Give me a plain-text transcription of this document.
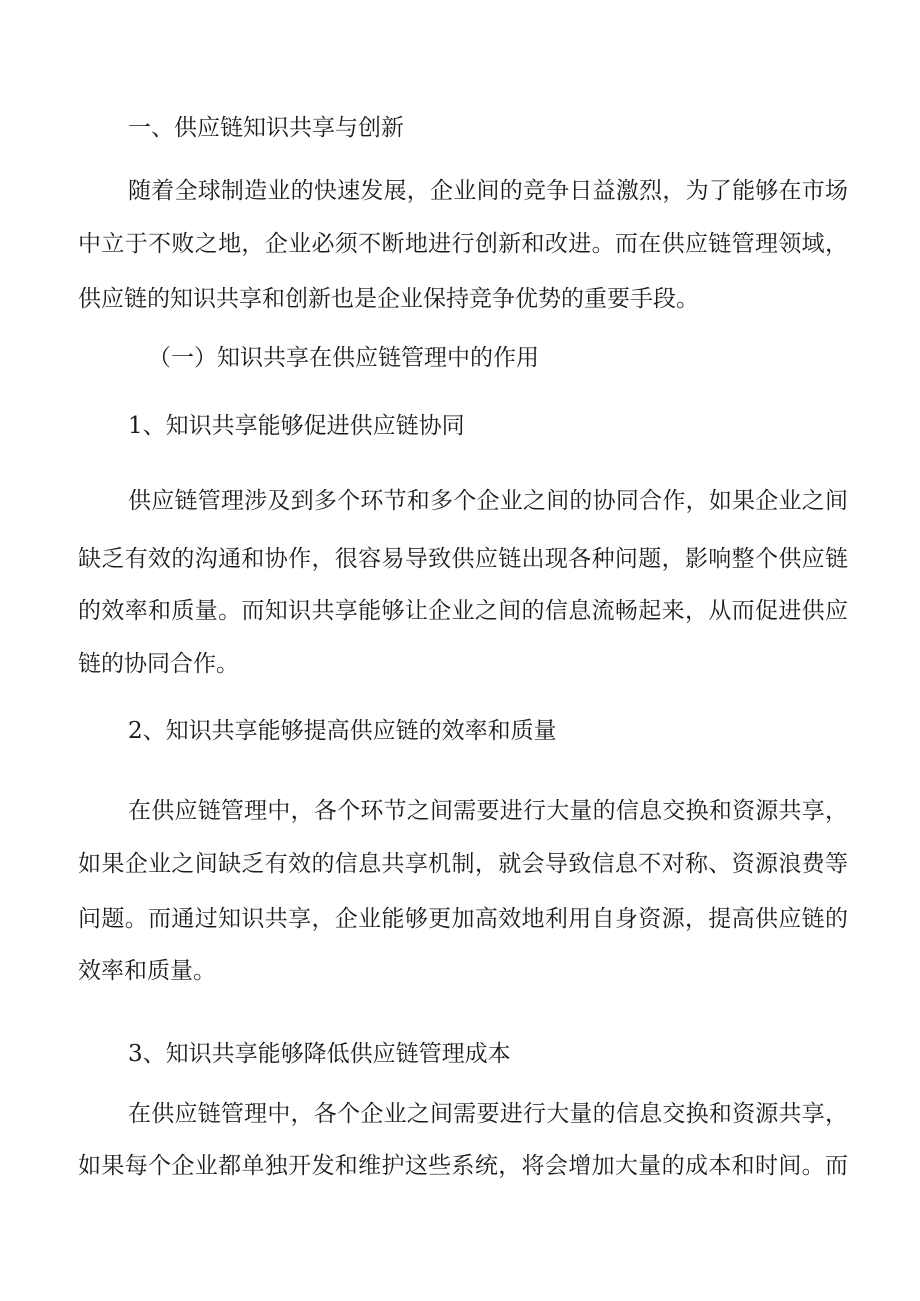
一、供应链知识共享与创新
随着全球制造业的快速发展，企业间的竞争日益激烈，为了能够在市场
中立于不败之地，企业必须不断地进行创新和改进。而在供应链管理领域，
供应链的知识共享和创新也是企业保持竞争优势的重要手段。
（一）知识共享在供应链管理中的作用
1、知识共享能够促进供应链协同
供应链管理涉及到多个环节和多个企业之间的协同合作，如果企业之间
缺乏有效的沟通和协作，很容易导致供应链出现各种问题，影响整个供应链
的效率和质量。而知识共享能够让企业之间的信息流畅起来，从而促进供应
链的协同合作。
2、知识共享能够提高供应链的效率和质量
在供应链管理中，各个环节之间需要进行大量的信息交换和资源共享，
如果企业之间缺乏有效的信息共享机制，就会导致信息不对称、资源浪费等
问题。而通过知识共享，企业能够更加高效地利用自身资源，提高供应链的
效率和质量。
3、知识共享能够降低供应链管理成本
在供应链管理中，各个企业之间需要进行大量的信息交换和资源共享，
如果每个企业都单独开发和维护这些系统，将会增加大量的成本和时间。而
